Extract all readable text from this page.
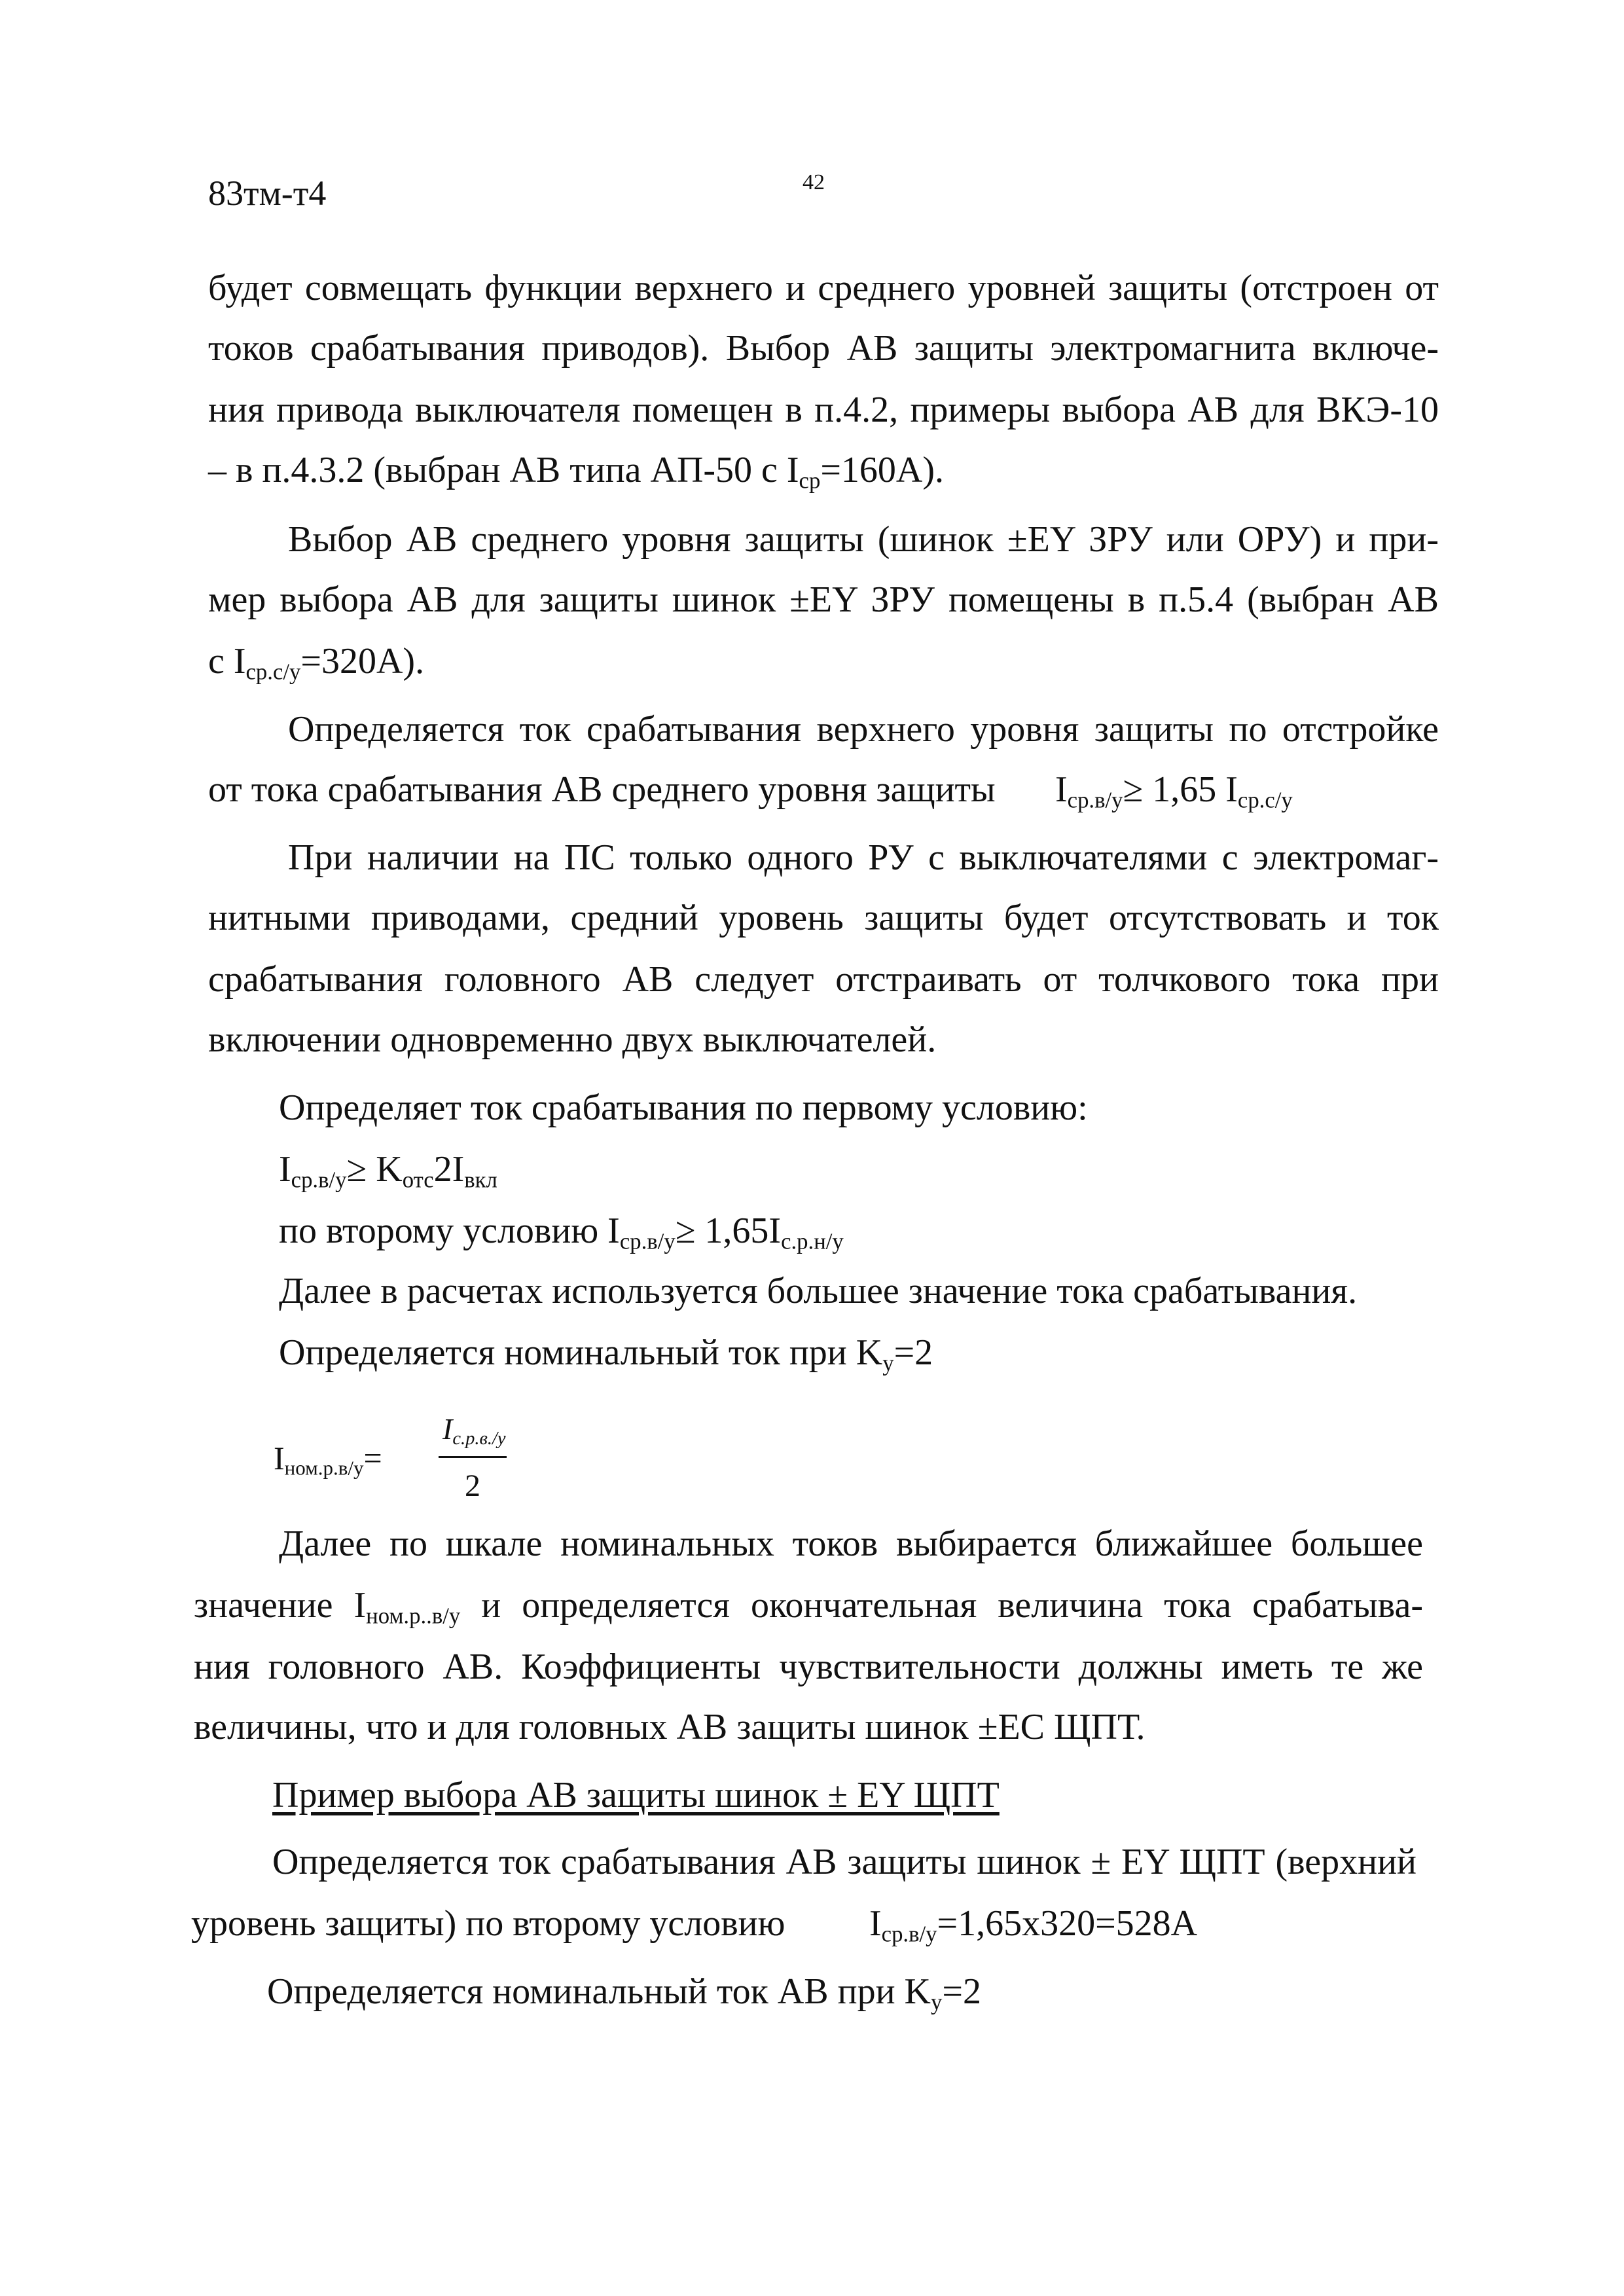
83тм-т4	42
будет совмещать функции верхнего и среднего уровней защиты (отстроен от
токов срабатывания приводов). Выбор АВ защиты электромагнита включе-
ния привода выключателя помещен в п.4.2, примеры выбора АВ для ВКЭ-10
– в п.4.3.2 (выбран АВ типа АП-50 с $I_{ср}=160А$).
Выбор АВ среднего уровня защиты (шинок ±EY ЗРУ или ОРУ) и при-
мер выбора АВ для защиты шинок ±EY ЗРУ помещены в п.5.4 (выбран АВ
с $I_{ср.с/у}=320А$).
Определяется ток срабатывания верхнего уровня защиты по отстройке
от тока срабатывания АВ среднего уровня защиты $I_{ср.в/у}\ge 1,65$ $I_{ср.с/у}$
При наличии на ПС только одного РУ с выключателями с электромаг-
нитными приводами, средний уровень защиты будет отсутствовать и ток
срабатывания головного АВ следует отстраивать от толчкового тока при
включении одновременно двух выключателей.
Определяет ток срабатывания по первому условию:
$I_{ср.в/у}\ge K_{отс}2I_{вкл}$
по второму условию $I_{ср.в/у}\ge 1,65I_{с.р.н/у}$
Далее в расчетах используется большее значение тока срабатывания.
Определяется номинальный ток при $K_у=2$
$I_{ном.р.в/у}=$
$I_{с.р.в./у}$
2
Далее по шкале номинальных токов выбирается ближайшее большее
значение $I_{ном.р..в/у}$ и определяется окончательная величина тока срабатыва-
ния головного АВ. Коэффициенты чувствительности должны иметь те же
величины, что и для головных АВ защиты шинок ±ЕС ЩПТ.
Пример выбора АВ защиты шинок ± EY ЩПТ
Определяется ток срабатывания АВ защиты шинок ± EY ЩПТ (верхний
уровень защиты) по второму условию $I_{ср.в/у}=1,65х320=528А$
Определяется номинальный ток АВ при $K_у=2$
